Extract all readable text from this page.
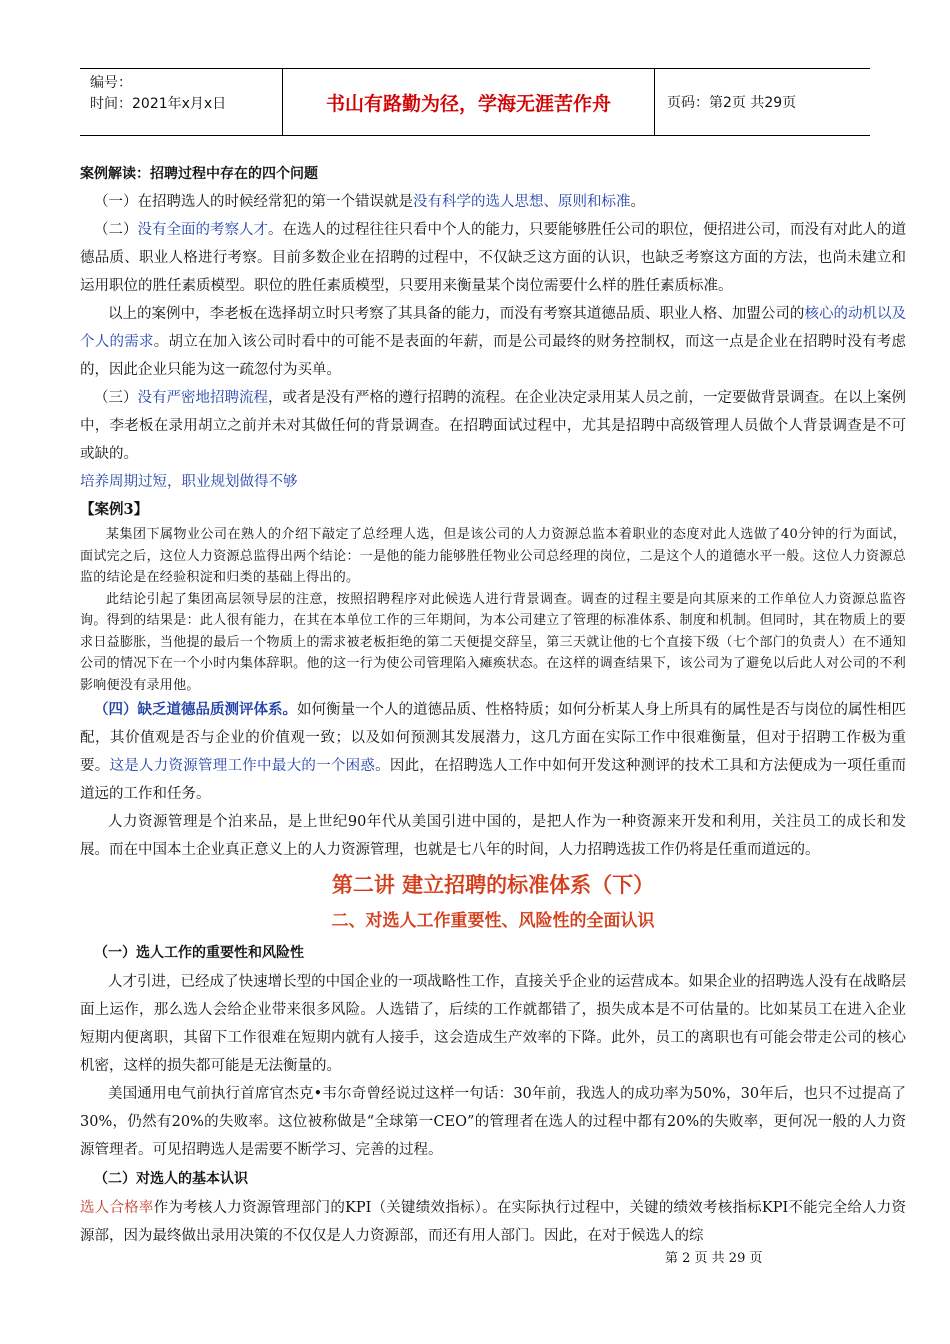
编号：
时间：2021年x月x日	书山有路勤为径，学海无涯苦作舟	页码：第2页 共29页

案例解读：招聘过程中存在的四个问题

（一）在招聘选人的时候经常犯的第一个错误就是没有科学的选人思想、原则和标准。

（二）没有全面的考察人才。在选人的过程往往只看中个人的能力，只要能够胜任公司的职位，便招进公司，而没有对此人的道德品质、职业人格进行考察。目前多数企业在招聘的过程中，不仅缺乏这方面的认识，也缺乏考察这方面的方法，也尚未建立和运用职位的胜任素质模型。职位的胜任素质模型，只要用来衡量某个岗位需要什么样的胜任素质标准。

以上的案例中，李老板在选择胡立时只考察了其具备的能力，而没有考察其道德品质、职业人格、加盟公司的核心的动机以及个人的需求。胡立在加入该公司时看中的可能不是表面的年薪，而是公司最终的财务控制权，而这一点是企业在招聘时没有考虑的，因此企业只能为这一疏忽付为买单。

（三）没有严密地招聘流程，或者是没有严格的遵行招聘的流程。在企业决定录用某人员之前，一定要做背景调查。在以上案例中，李老板在录用胡立之前并未对其做任何的背景调查。在招聘面试过程中，尤其是招聘中高级管理人员做个人背景调查是不可或缺的。

培养周期过短，职业规划做得不够

【案例3】

某集团下属物业公司在熟人的介绍下敲定了总经理人选，但是该公司的人力资源总监本着职业的态度对此人选做了40分钟的行为面试，面试完之后，这位人力资源总监得出两个结论：一是他的能力能够胜任物业公司总经理的岗位，二是这个人的道德水平一般。这位人力资源总监的结论是在经验积淀和归类的基础上得出的。

此结论引起了集团高层领导层的注意，按照招聘程序对此候选人进行背景调查。调查的过程主要是向其原来的工作单位人力资源总监咨询。得到的结果是：此人很有能力，在其在本单位工作的三年期间，为本公司建立了管理的标准体系、制度和机制。但同时，其在物质上的要求日益膨胀，当他提的最后一个物质上的需求被老板拒绝的第二天便提交辞呈，第三天就让他的七个直接下级（七个部门的负责人）在不通知公司的情况下在一个小时内集体辞职。他的这一行为使公司管理陷入瘫痪状态。在这样的调查结果下，该公司为了避免以后此人对公司的不利影响便没有录用他。

（四）缺乏道德品质测评体系。如何衡量一个人的道德品质、性格特质；如何分析某人身上所具有的属性是否与岗位的属性相匹配，其价值观是否与企业的价值观一致；以及如何预测其发展潜力，这几方面在实际工作中很难衡量，但对于招聘工作极为重要。这是人力资源管理工作中最大的一个困惑。因此，在招聘选人工作中如何开发这种测评的技术工具和方法便成为一项任重而道远的工作和任务。

人力资源管理是个泊来品，是上世纪90年代从美国引进中国的，是把人作为一种资源来开发和利用，关注员工的成长和发展。而在中国本土企业真正意义上的人力资源管理，也就是七八年的时间，人力招聘选拔工作仍将是任重而道远的。

第二讲 建立招聘的标准体系（下）

二、对选人工作重要性、风险性的全面认识

（一）选人工作的重要性和风险性

人才引进，已经成了快速增长型的中国企业的一项战略性工作，直接关乎企业的运营成本。如果企业的招聘选人没有在战略层面上运作，那么选人会给企业带来很多风险。人选错了，后续的工作就都错了，损失成本是不可估量的。比如某员工在进入企业短期内便离职，其留下工作很难在短期内就有人接手，这会造成生产效率的下降。此外，员工的离职也有可能会带走公司的核心机密，这样的损失都可能是无法衡量的。

美国通用电气前执行首席官杰克•韦尔奇曾经说过这样一句话：30年前，我选人的成功率为50%，30年后，也只不过提高了30%，仍然有20%的失败率。这位被称做是“全球第一CEO”的管理者在选人的过程中都有20%的失败率，更何况一般的人力资源管理者。可见招聘选人是需要不断学习、完善的过程。

（二）对选人的基本认识

选人合格率作为考核人力资源管理部门的KPI（关键绩效指标）。在实际执行过程中，关键的绩效考核指标KPI不能完全给人力资源部，因为最终做出录用决策的不仅仅是人力资源部，而还有用人部门。因此，在对于候选人的综

第 2 页 共 29 页
